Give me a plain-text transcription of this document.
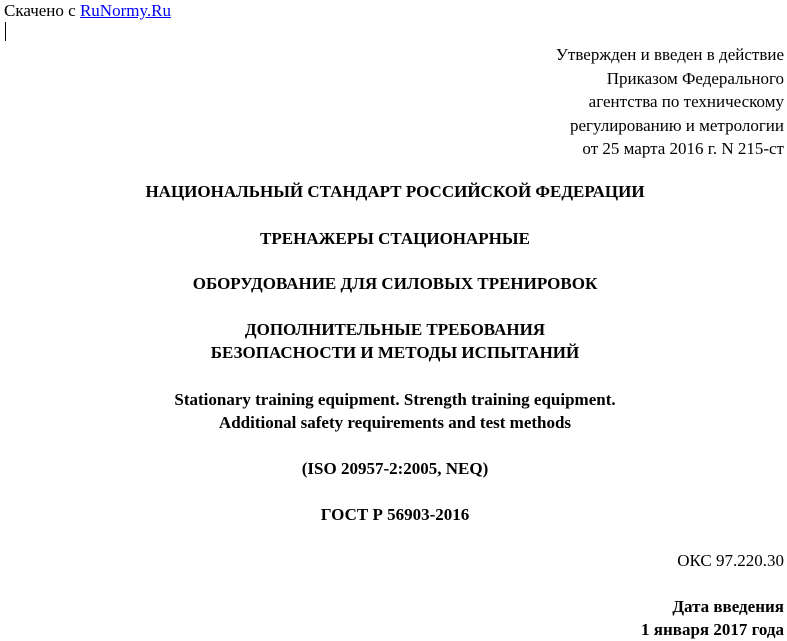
Скачено с RuNormy.Ru
Утвержден и введен в действие
Приказом Федерального
агентства по техническому
регулированию и метрологии
от 25 марта 2016 г. N 215-ст
НАЦИОНАЛЬНЫЙ СТАНДАРТ РОССИЙСКОЙ ФЕДЕРАЦИИ
ТРЕНАЖЕРЫ СТАЦИОНАРНЫЕ
ОБОРУДОВАНИЕ ДЛЯ СИЛОВЫХ ТРЕНИРОВОК
ДОПОЛНИТЕЛЬНЫЕ ТРЕБОВАНИЯ
БЕЗОПАСНОСТИ И МЕТОДЫ ИСПЫТАНИЙ
Stationary training equipment. Strength training equipment.
Additional safety requirements and test methods
(ISO 20957-2:2005, NEQ)
ГОСТ Р 56903-2016
ОКС 97.220.30
Дата введения
1 января 2017 года
